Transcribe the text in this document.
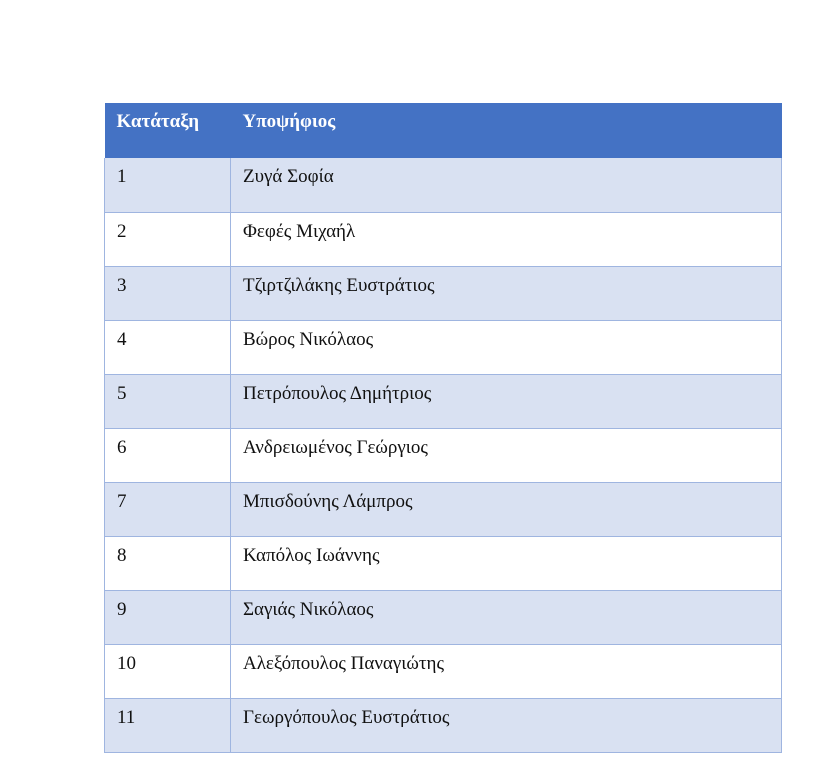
Κατάταξη	Υποψήφιος
1	Ζυγά Σοφία
2	Φεφές Μιχαήλ
3	Τζιρτζιλάκης Ευστράτιος
4	Βώρος Νικόλαος
5	Πετρόπουλος Δημήτριος
6	Ανδρειωμένος Γεώργιος
7	Μπισδούνης Λάμπρος
8	Καπόλος Ιωάννης
9	Σαγιάς Νικόλαος
10	Αλεξόπουλος Παναγιώτης
11	Γεωργόπουλος Ευστράτιος
